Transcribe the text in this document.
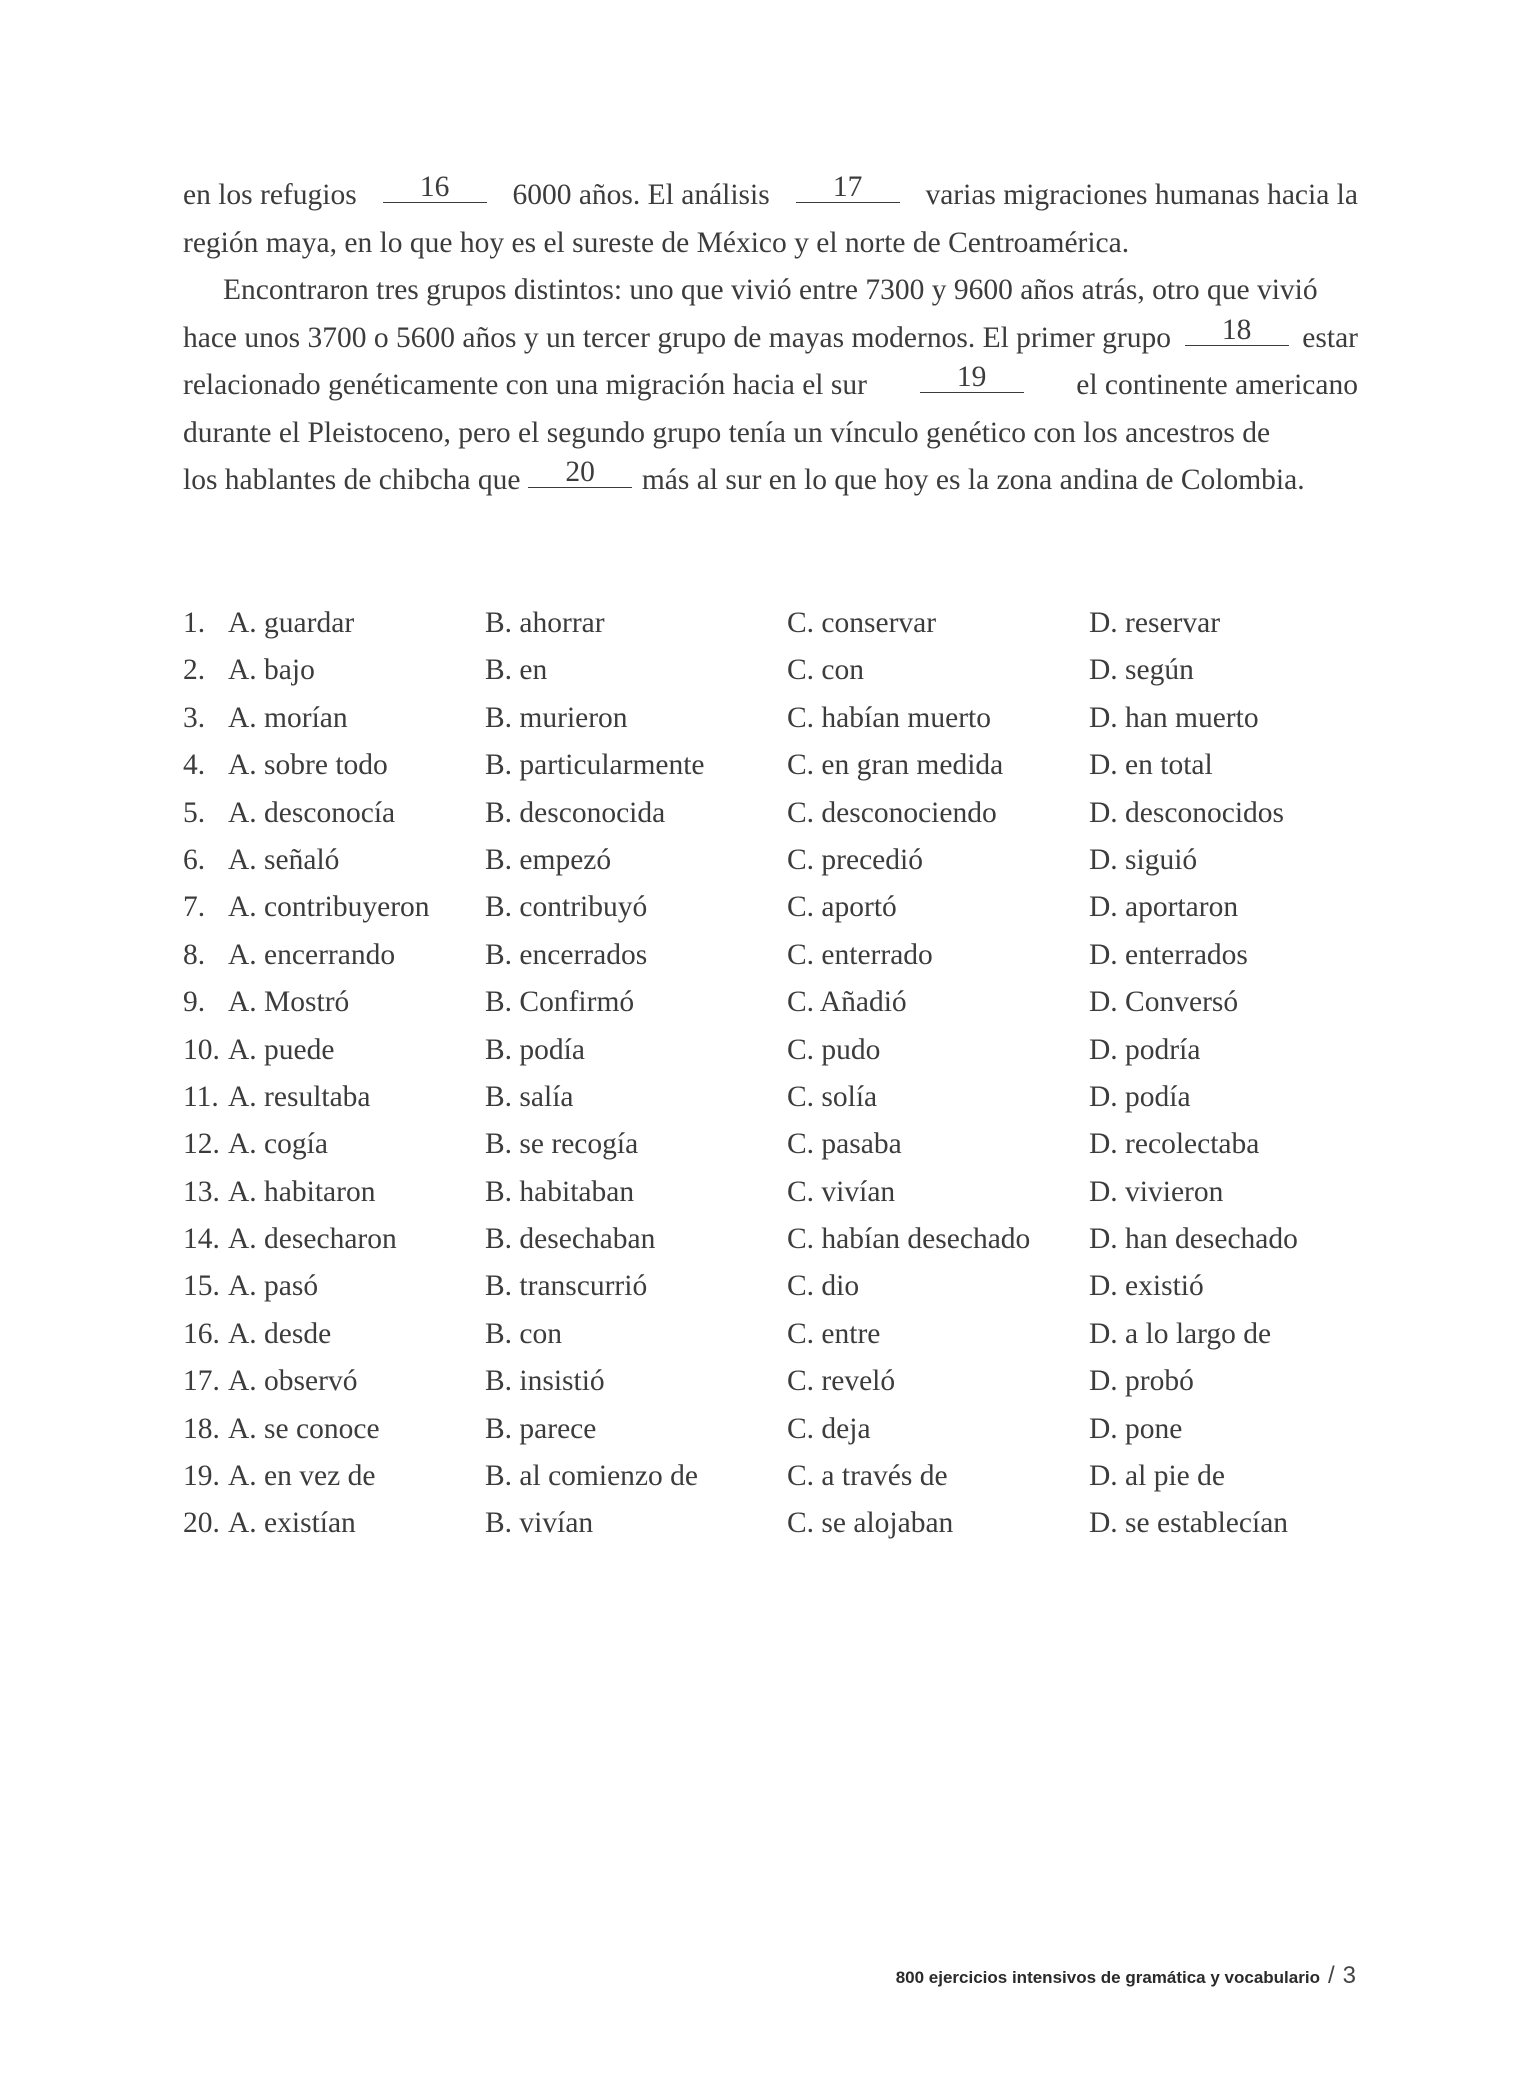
en los refugios	16	6000 años. El análisis	17	varias migraciones humanas hacia la
región maya, en lo que hoy es el sureste de México y el norte de Centroamérica.
Encontraron tres grupos distintos: uno que vivió entre 7300 y 9600 años atrás, otro que vivió
hace unos 3700 o 5600 años y un tercer grupo de mayas modernos. El primer grupo	18	estar
relacionado genéticamente con una migración hacia el sur	19	el continente americano
durante el Pleistoceno, pero el segundo grupo tenía un vínculo genético con los ancestros de
los hablantes de chibcha que	20	más al sur en lo que hoy es la zona andina de Colombia.
1. A. guardar	B. ahorrar	C. conservar	D. reservar
2. A. bajo	B. en	C. con	D. según
3. A. morían	B. murieron	C. habían muerto	D. han muerto
4. A. sobre todo	B. particularmente	C. en gran medida	D. en total
5. A. desconocía	B. desconocida	C. desconociendo	D. desconocidos
6. A. señaló	B. empezó	C. precedió	D. siguió
7. A. contribuyeron B. contribuyó	C. aportó	D. aportaron
8. A. encerrando	B. encerrados	C. enterrado	D. enterrados
9. A. Mostró	B. Confirmó	C. Añadió	D. Conversó
10. A. puede	B. podía	C. pudo	D. podría
11. A. resultaba	B. salía	C. solía	D. podía
12. A. cogía	B. se recogía	C. pasaba	D. recolectaba
13. A. habitaron	B. habitaban	C. vivían	D. vivieron
14. A. desecharon	B. desechaban	C. habían desechado D. han desechado
15. A. pasó	B. transcurrió	C. dio	D. existió
16. A. desde	B. con	C. entre	D. a lo largo de
17. A. observó	B. insistió	C. reveló	D. probó
18. A. se conoce	B. parece	C. deja	D. pone
19. A. en vez de	B. al comienzo de	C. a través de	D. al pie de
20. A. existían	B. vivían	C. se alojaban	D. se establecían
800 ejercicios intensivos de gramática y vocabulario / 3
